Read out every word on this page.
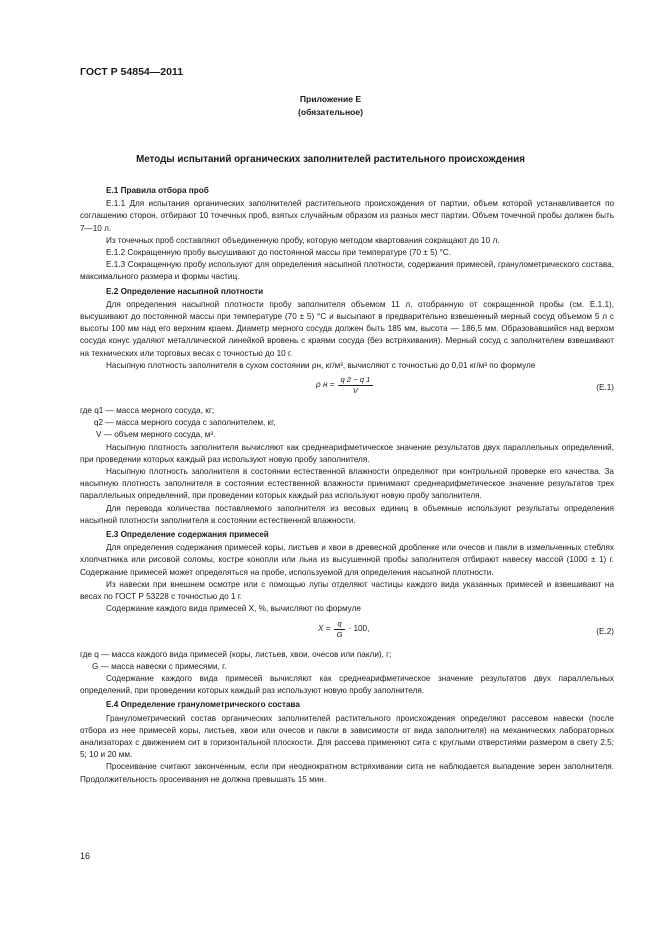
ГОСТ Р 54854—2011
Приложение Е
(обязательное)
Методы испытаний органических заполнителей растительного происхождения
Е.1 Правила отбора проб

Е.1.1 Для испытания органических заполнителей растительного происхождения от партии, объем которой устанавливается по соглашению сторон, отбирают 10 точечных проб, взятых случайным образом из разных мест партии. Объем точечной пробы должен быть 7—10 л.

Из точечных проб составляют объединенную пробу, которую методом квартования сокращают до 10 л.

Е.1.2 Сокращенную пробу высушивают до постоянной массы при температуре (70 ± 5) °С.

Е.1.3 Сокращенную пробу используют для определения насыпной плотности, содержания примесей, гранулометрического состава, максимального размера и формы частиц.

Е.2 Определение насыпной плотности

Для определения насыпной плотности пробу заполнителя объемом 11 л, отобранную от сокращенной пробы (см. Е.1.1), высушивают до постоянной массы при температуре (70 ± 5) °С и высыпают в предварительно взвешенный мерный сосуд объемом 5 л с высоты 100 мм над его верхним краем. Диаметр мерного сосуда должен быть 185 мм, высота — 186,5 мм. Образовавшийся над верхом сосуда конус удаляют металлической линейкой вровень с краями сосуда (без встряхивания). Мерный сосуд с заполнителем взвешивают на технических или торговых весах с точностью до 10 г.

Насыпную плотность заполнителя в сухом состоянии ρн, кг/м³, вычисляют с точностью до 0,01 кг/м³ по формуле

ρ $н = \frac{q 2 - q 1}{V}$	(Е.1)
где q1 — масса мерного сосуда, кг;
q2 — масса мерного сосуда с заполнителем, кг,
V — объем мерного сосуда, м³.

Насыпную плотность заполнителя вычисляют как среднеарифметическое значение результатов двух параллельных определений, при проведении которых каждый раз используют новую пробу заполнителя.

Насыпную плотность заполнителя в состоянии естественной влажности определяют при контрольной проверке его качества. За насыпную плотность заполнителя в состоянии естественной влажности принимают среднеарифметическое значение результатов трех параллельных определений, при проведении которых каждый раз используют новую пробу заполнителя.

Для перевода количества поставляемого заполнителя из весовых единиц в объемные используют результаты определения насыпной плотности заполнителя в состоянии естественной влажности.

Е.3 Определение содержания примесей

Для определения содержания примесей коры, листьев и хвои в древесной дробленке или очесов и пакли в измельченных стеблях хлопчатника или рисовой соломы, костре конопли или льна из высушенной пробы заполнителя отбирают навеску массой (1000 ± 1) г. Содержание примесей может определяться на пробе, используемой для определения насыпной плотности.

Из навески при внешнем осмотре или с помощью лупы отделяют частицы каждого вида указанных примесей и взвешивают на весах по ГОСТ Р 53228 с точностью до 1 г.

Содержание каждого вида примесей X, %, вычисляют по формуле

$X = \frac{q}{G} \cdot 100$,	(Е.2)
где q — масса каждого вида примесей (коры, листьев, хвои, очесов или пакли), г;
G — масса навески с примесями, г.

Содержание каждого вида примесей вычисляют как среднеарифметическое значение результатов двух параллельных определений, при проведении которых каждый раз используют новую пробу заполнителя.

Е.4 Определение гранулометрического состава

Гранулометрический состав органических заполнителей растительного происхождения определяют рассевом навески (после отбора из нее примесей коры, листьев, хвои или очесов и пакли в зависимости от вида заполнителя) на механических лабораторных анализаторах с движением сит в горизонтальной плоскости. Для рассева применяют сита с круглыми отверстиями размером в свету 2,5; 5; 10 и 20 мм.

Просеивание считают законченным, если при неоднократном встряхивании сита не наблюдается выпадение зерен заполнителя. Продолжительность просеивания не должна превышать 15 мин.

16
